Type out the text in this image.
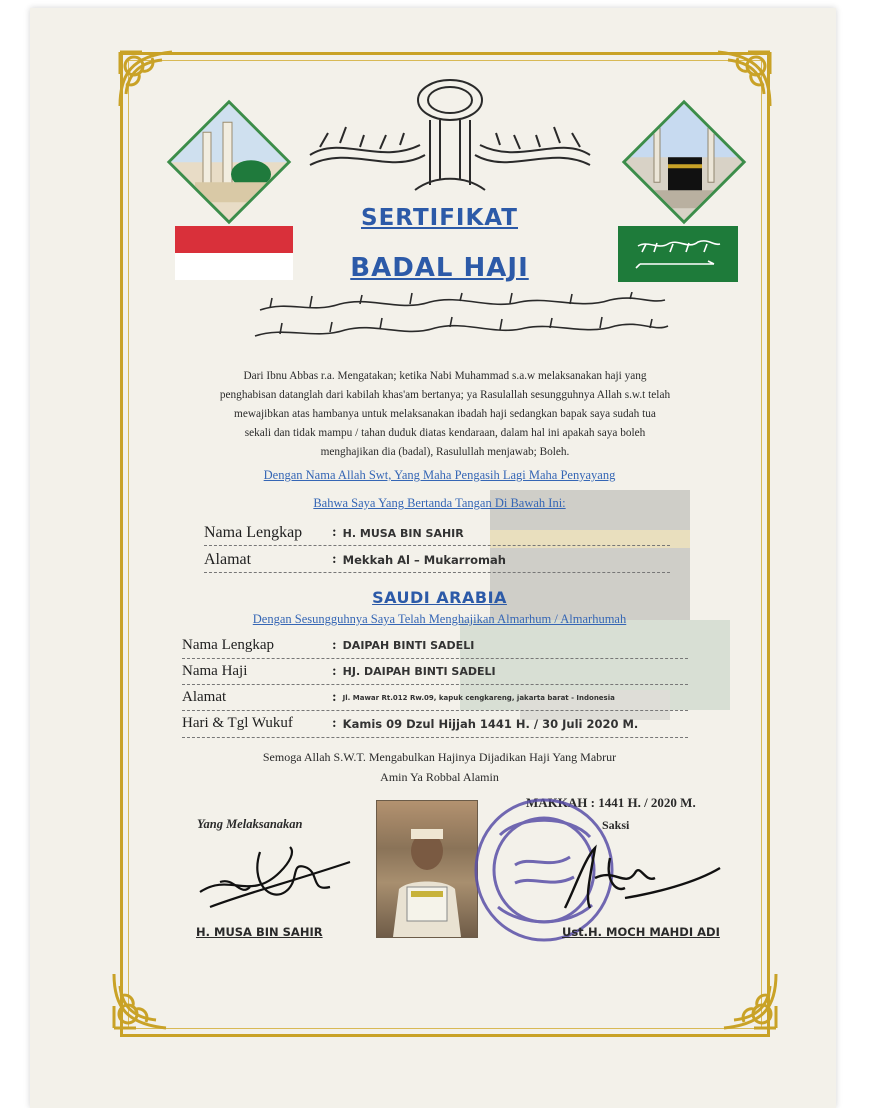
SERTIFIKAT
BADAL HAJI
Dari Ibnu Abbas r.a. Mengatakan; ketika Nabi Muhammad s.a.w melaksanakan haji yang
penghabisan datanglah dari kabilah khas'am bertanya; ya Rasulallah sesungguhnya Allah s.w.t telah
mewajibkan atas hambanya untuk melaksanakan ibadah haji sedangkan bapak saya sudah tua
sekali dan tidak mampu / tahan duduk diatas kendaraan, dalam hal ini apakah saya boleh
menghajikan dia (badal), Rasulullah menjawab; Boleh.
Dengan Nama Allah Swt, Yang Maha Pengasih Lagi Maha Penyayang
Bahwa Saya Yang Bertanda Tangan Di Bawah Ini:
Nama Lengkap	: H. MUSA BIN SAHIR
Alamat	: Mekkah Al – Mukarromah
SAUDI ARABIA
Dengan Sesungguhnya Saya Telah Menghajikan Almarhum / Almarhumah
Nama Lengkap	: DAIPAH BINTI SADELI
Nama Haji	: HJ. DAIPAH BINTI SADELI
Alamat	: Jl. Mawar Rt.012 Rw.09, kapuk cengkareng, jakarta barat - Indonesia
Hari & Tgl Wukuf	: Kamis 09 Dzul Hijjah 1441 H. / 30 Juli 2020 M.
Semoga Allah S.W.T. Mengabulkan Hajinya Dijadikan Haji Yang Mabrur
Amin Ya Robbal Alamin
MAKKAH : 1441 H. / 2020 M.
Saksi
Yang Melaksanakan
H. MUSA BIN SAHIR	Ust.H. MOCH MAHDI ADI
